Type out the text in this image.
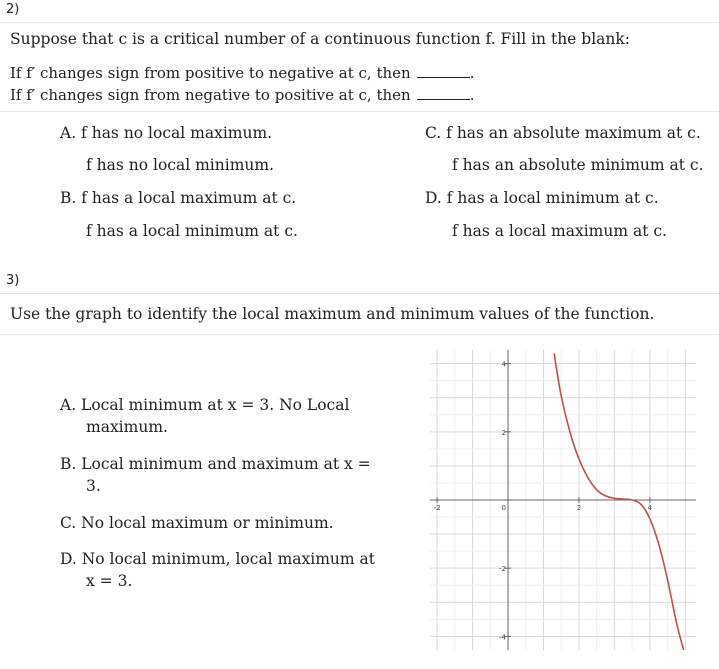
2)
Suppose that c is a critical number of a continuous function f. Fill in the blank:
If f′ changes sign from positive to negative at c, then	.
If f′ changes sign from negative to positive at c, then	.
A. f has no local maximum.
f has no local minimum.
B. f has a local maximum at c.
f has a local minimum at c.
C. f has an absolute maximum at c.
f has an absolute minimum at c.
D. f has a local minimum at c.
f has a local maximum at c.
3)
Use the graph to identify the local maximum and minimum values of the function.
A. Local minimum at x = 3. No Local
maximum.
B. Local minimum and maximum at x =
3.
C. No local maximum or minimum.
D. No local minimum, local maximum at
x = 3.
-2	2	4
4
2
0
-2
-4
